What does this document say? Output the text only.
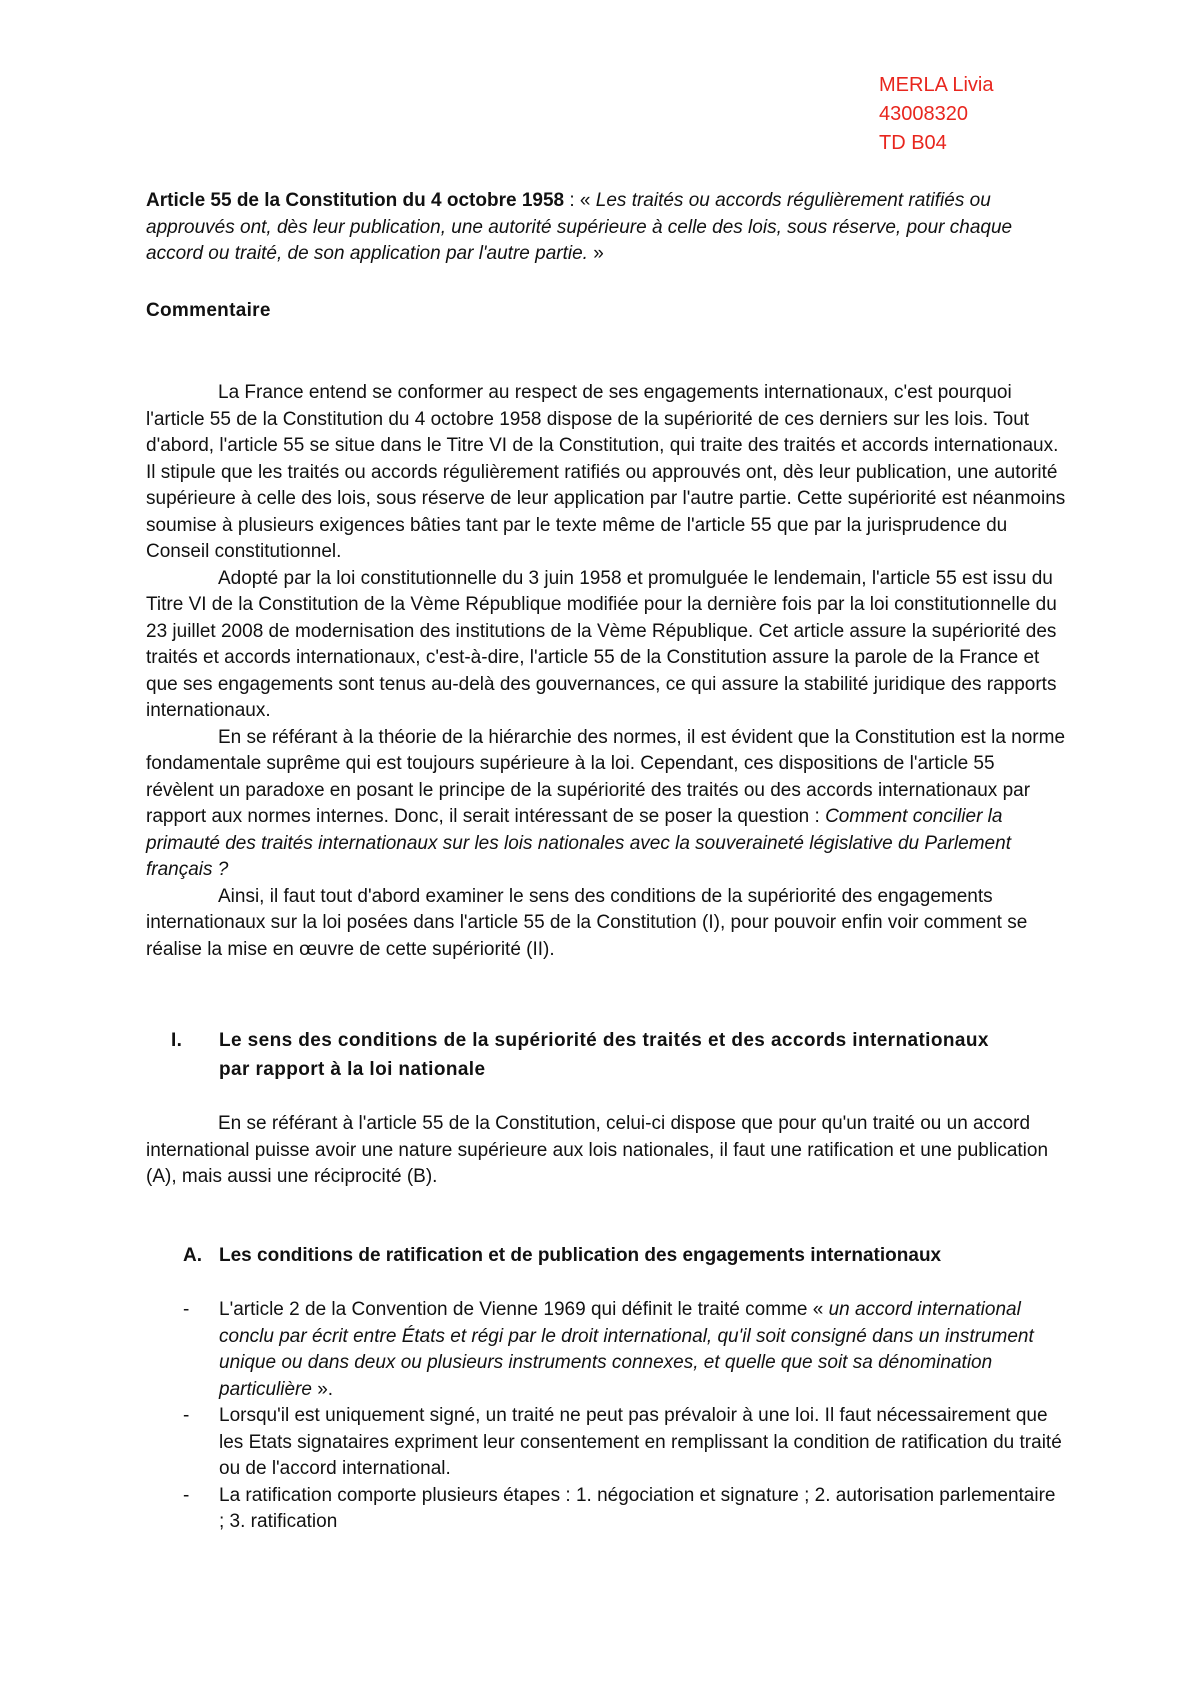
MERLA Livia
43008320
TD B04
Article 55 de la Constitution du 4 octobre 1958 : « Les traités ou accords régulièrement ratifiés ou approuvés ont, dès leur publication, une autorité supérieure à celle des lois, sous réserve, pour chaque accord ou traité, de son application par l'autre partie. »
Commentaire

La France entend se conformer au respect de ses engagements internationaux, c'est pourquoi l'article 55 de la Constitution du 4 octobre 1958 dispose de la supériorité de ces derniers sur les lois. Tout d'abord, l'article 55 se situe dans le Titre VI de la Constitution, qui traite des traités et accords internationaux. Il stipule que les traités ou accords régulièrement ratifiés ou approuvés ont, dès leur publication, une autorité supérieure à celle des lois, sous réserve de leur application par l'autre partie. Cette supériorité est néanmoins soumise à plusieurs exigences bâties tant par le texte même de l'article 55 que par la jurisprudence du Conseil constitutionnel.

Adopté par la loi constitutionnelle du 3 juin 1958 et promulguée le lendemain, l'article 55 est issu du Titre VI de la Constitution de la Vème République modifiée pour la dernière fois par la loi constitutionnelle du 23 juillet 2008 de modernisation des institutions de la Vème République. Cet article assure la supériorité des traités et accords internationaux, c'est-à-dire, l'article 55 de la Constitution assure la parole de la France et que ses engagements sont tenus au-delà des gouvernances, ce qui assure la stabilité juridique des rapports internationaux.

En se référant à la théorie de la hiérarchie des normes, il est évident que la Constitution est la norme fondamentale suprême qui est toujours supérieure à la loi. Cependant, ces dispositions de l'article 55 révèlent un paradoxe en posant le principe de la supériorité des traités ou des accords internationaux par rapport aux normes internes. Donc, il serait intéressant de se poser la question : Comment concilier la primauté des traités internationaux sur les lois nationales avec la souveraineté législative du Parlement français ?

Ainsi, il faut tout d'abord examiner le sens des conditions de la supériorité des engagements internationaux sur la loi posées dans l'article 55 de la Constitution (I), pour pouvoir enfin voir comment se réalise la mise en œuvre de cette supériorité (II).

I. Le sens des conditions de la supériorité des traités et des accords internationaux par rapport à la loi nationale

En se référant à l'article 55 de la Constitution, celui-ci dispose que pour qu'un traité ou un accord international puisse avoir une nature supérieure aux lois nationales, il faut une ratification et une publication (A), mais aussi une réciprocité (B).

A. Les conditions de ratification et de publication des engagements internationaux
- L'article 2 de la Convention de Vienne 1969 qui définit le traité comme « un accord international conclu par écrit entre États et régi par le droit international, qu'il soit consigné dans un instrument unique ou dans deux ou plusieurs instruments connexes, et quelle que soit sa dénomination particulière ».
- Lorsqu'il est uniquement signé, un traité ne peut pas prévaloir à une loi. Il faut nécessairement que les Etats signataires expriment leur consentement en remplissant la condition de ratification du traité ou de l'accord international.
- La ratification comporte plusieurs étapes : 1. négociation et signature ; 2. autorisation parlementaire ; 3. ratification
